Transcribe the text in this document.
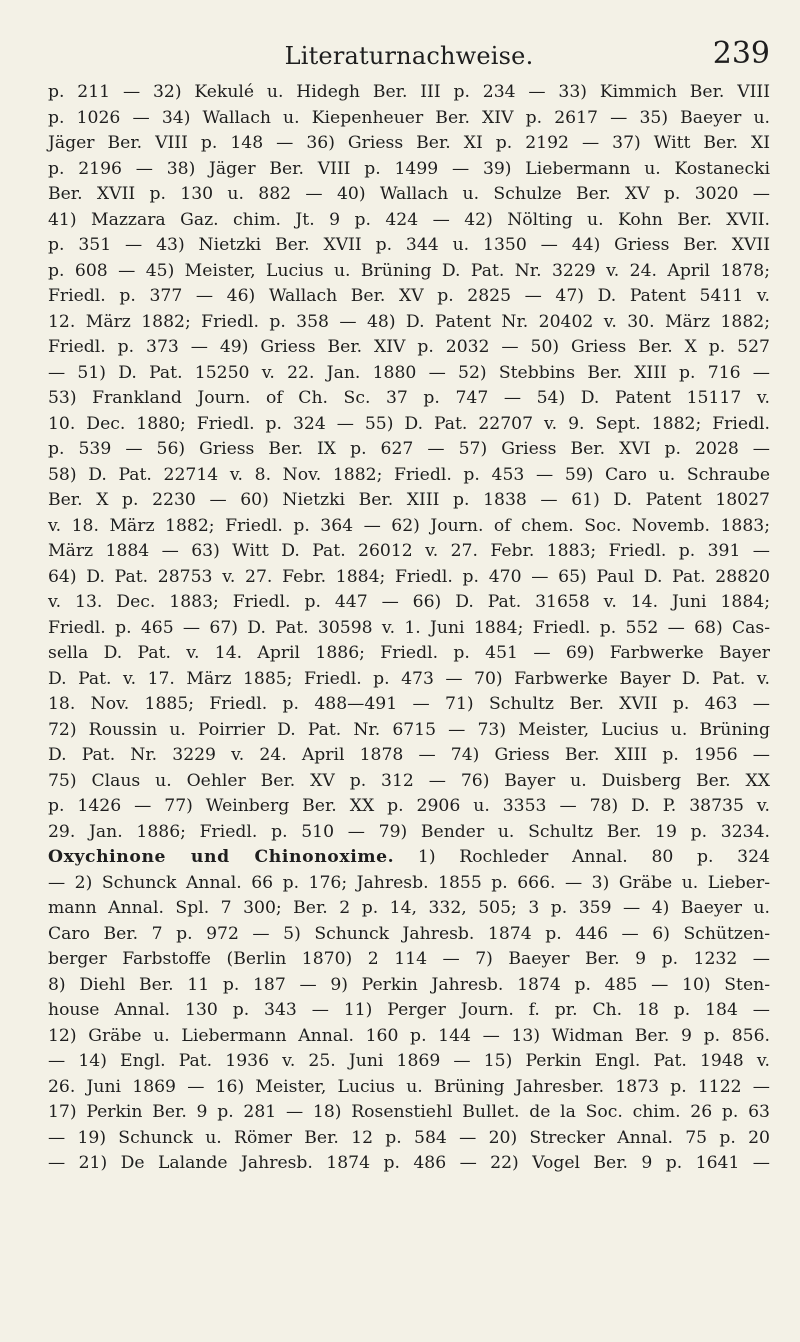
Literaturnachweise.	239
p. 211 — 32) Kekulé u. Hidegh Ber. III p. 234 — 33) Kimmich Ber. VIII
p. 1026 — 34) Wallach u. Kiepenheuer Ber. XIV p. 2617 — 35) Baeyer u.
Jäger Ber. VIII p. 148 — 36) Griess Ber. XI p. 2192 — 37) Witt Ber. XI
p. 2196 — 38) Jäger Ber. VIII p. 1499 — 39) Liebermann u. Kostanecki
Ber. XVII p. 130 u. 882 — 40) Wallach u. Schulze Ber. XV p. 3020 —
41) Mazzara Gaz. chim. Jt. 9 p. 424 — 42) Nölting u. Kohn Ber. XVII.
p. 351 — 43) Nietzki Ber. XVII p. 344 u. 1350 — 44) Griess Ber. XVII
p. 608 — 45) Meister, Lucius u. Brüning D. Pat. Nr. 3229 v. 24. April 1878;
Friedl. p. 377 — 46) Wallach Ber. XV p. 2825 — 47) D. Patent 5411 v.
12. März 1882; Friedl. p. 358 — 48) D. Patent Nr. 20402 v. 30. März 1882;
Friedl. p. 373 — 49) Griess Ber. XIV p. 2032 — 50) Griess Ber. X p. 527
— 51) D. Pat. 15250 v. 22. Jan. 1880 — 52) Stebbins Ber. XIII p. 716 —
53) Frankland Journ. of Ch. Sc. 37 p. 747 — 54) D. Patent 15117 v.
10. Dec. 1880; Friedl. p. 324 — 55) D. Pat. 22707 v. 9. Sept. 1882; Friedl.
p. 539 — 56) Griess Ber. IX p. 627 — 57) Griess Ber. XVI p. 2028 —
58) D. Pat. 22714 v. 8. Nov. 1882; Friedl. p. 453 — 59) Caro u. Schraube
Ber. X p. 2230 — 60) Nietzki Ber. XIII p. 1838 — 61) D. Patent 18027
v. 18. März 1882; Friedl. p. 364 — 62) Journ. of chem. Soc. Novemb. 1883;
März 1884 — 63) Witt D. Pat. 26012 v. 27. Febr. 1883; Friedl. p. 391 —
64) D. Pat. 28753 v. 27. Febr. 1884; Friedl. p. 470 — 65) Paul D. Pat. 28820
v. 13. Dec. 1883; Friedl. p. 447 — 66) D. Pat. 31658 v. 14. Juni 1884;
Friedl. p. 465 — 67) D. Pat. 30598 v. 1. Juni 1884; Friedl. p. 552 — 68) Cas-
sella D. Pat. v. 14. April 1886; Friedl. p. 451 — 69) Farbwerke Bayer
D. Pat. v. 17. März 1885; Friedl. p. 473 — 70) Farbwerke Bayer D. Pat. v.
18. Nov. 1885; Friedl. p. 488—491 — 71) Schultz Ber. XVII p. 463 —
72) Roussin u. Poirrier D. Pat. Nr. 6715 — 73) Meister, Lucius u. Brüning
D. Pat. Nr. 3229 v. 24. April 1878 — 74) Griess Ber. XIII p. 1956 —
75) Claus u. Oehler Ber. XV p. 312 — 76) Bayer u. Duisberg Ber. XX
p. 1426 — 77) Weinberg Ber. XX p. 2906 u. 3353 — 78) D. P. 38735 v.
29. Jan. 1886; Friedl. p. 510 — 79) Bender u. Schultz Ber. 19 p. 3234.
Oxychinone und Chinonoxime. 1) Rochleder Annal. 80 p. 324
— 2) Schunck Annal. 66 p. 176; Jahresb. 1855 p. 666. — 3) Gräbe u. Lieber-
mann Annal. Spl. 7 300; Ber. 2 p. 14, 332, 505; 3 p. 359 — 4) Baeyer u.
Caro Ber. 7 p. 972 — 5) Schunck Jahresb. 1874 p. 446 — 6) Schützen-
berger Farbstoffe (Berlin 1870) 2 114 — 7) Baeyer Ber. 9 p. 1232 —
8) Diehl Ber. 11 p. 187 — 9) Perkin Jahresb. 1874 p. 485 — 10) Sten-
house Annal. 130 p. 343 — 11) Perger Journ. f. pr. Ch. 18 p. 184 —
12) Gräbe u. Liebermann Annal. 160 p. 144 — 13) Widman Ber. 9 p. 856.
— 14) Engl. Pat. 1936 v. 25. Juni 1869 — 15) Perkin Engl. Pat. 1948 v.
26. Juni 1869 — 16) Meister, Lucius u. Brüning Jahresber. 1873 p. 1122 —
17) Perkin Ber. 9 p. 281 — 18) Rosenstiehl Bullet. de la Soc. chim. 26 p. 63
— 19) Schunck u. Römer Ber. 12 p. 584 — 20) Strecker Annal. 75 p. 20
— 21) De Lalande Jahresb. 1874 p. 486 — 22) Vogel Ber. 9 p. 1641 —
